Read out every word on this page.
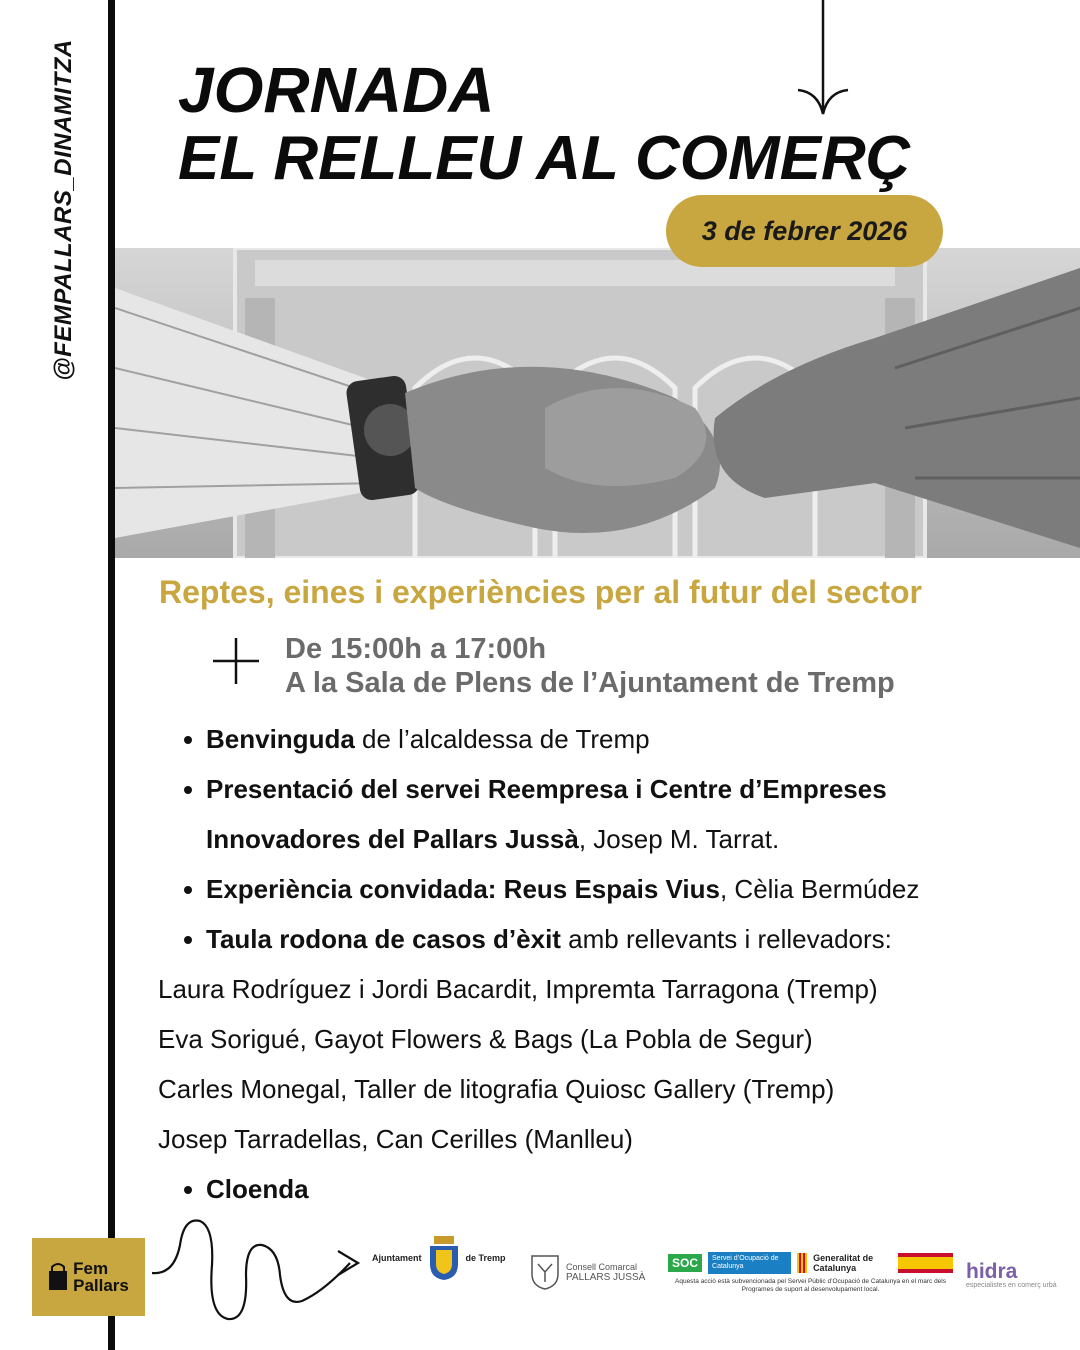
@FEMPALLARS_DINAMITZA JORNADA
EL RELLEU AL COMERÇ
3 de febrer 2026
Reptes, eines i experiències per al futur del sector
De 15:00h a 17:00h
A la Sala de Plens de l’Ajuntament de Tremp
Benvinguda de l’alcaldessa de Tremp
Presentació del servei Reempresa i Centre d’Empreses
Innovadores del Pallars Jussà, Josep M. Tarrat.
Experiència convidada: Reus Espais Vius, Cèlia Bermúdez
Taula rodona de casos d’èxit amb rellevants i rellevadors:
Laura Rodríguez i Jordi Bacardit, Impremta Tarragona (Tremp)
Eva Sorigué, Gayot Flowers & Bags (La Pobla de Segur)
Carles Monegal, Taller de litografia Quiosc Gallery (Tremp)
Josep Tarradellas, Can Cerilles (Manlleu)
Cloenda
Fem
Pallars
Ajuntament	de Tremp
Consell Comarcal
PALLARS JUSSÀ
SOC	Servei d’Ocupació de Catalunya
Generalitat de Catalunya
Aquesta acció està subvencionada pel Servei Públic d’Ocupació de Catalunya en el marc dels Programes de suport al desenvolupament local.
hidra
especialistes en comerç urbà
